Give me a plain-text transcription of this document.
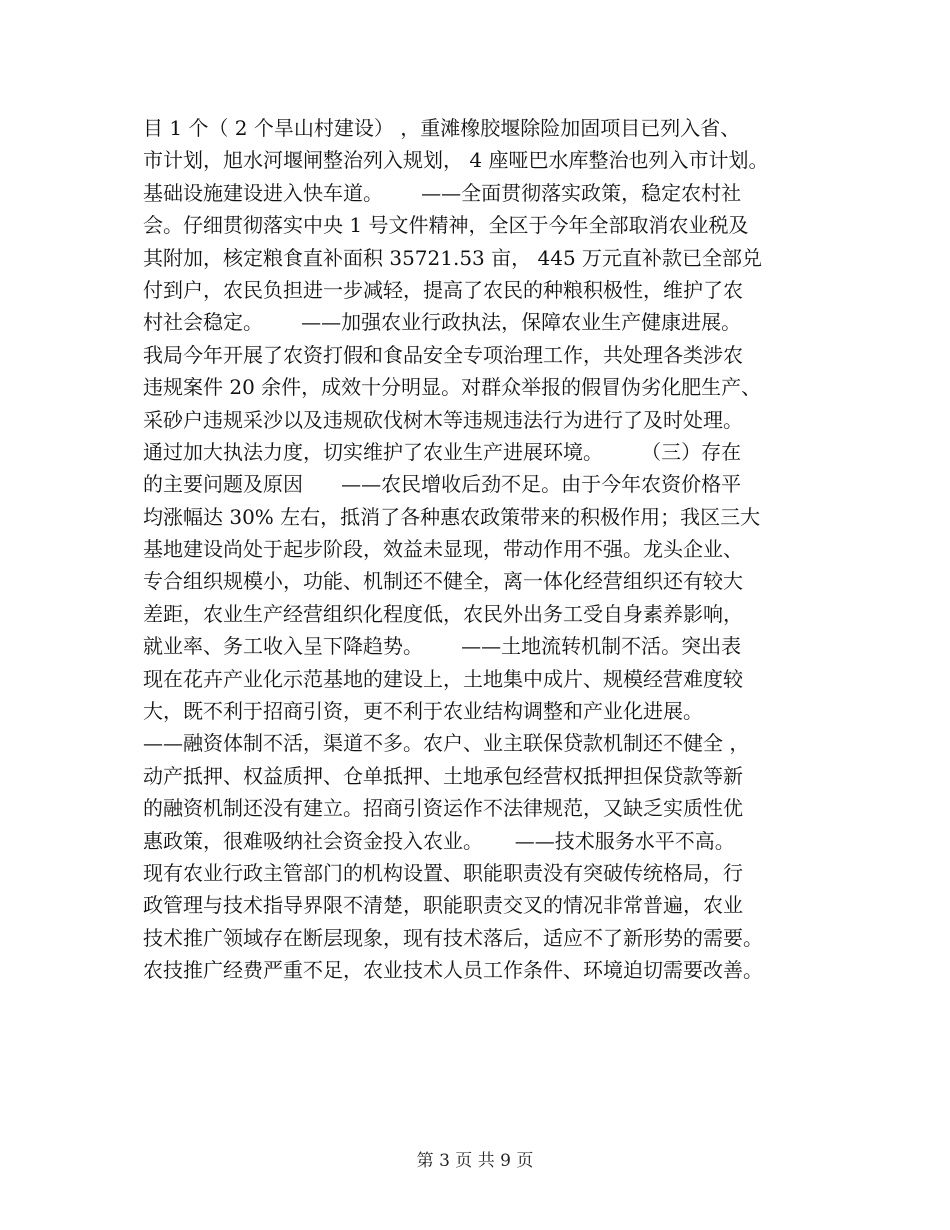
目 1 个（ 2 个旱山村建设） ，重滩橡胶堰除险加固项目已列入省、
市计划，旭水河堰闸整治列入规划， 4 座哑巴水库整治也列入市计划。
基础设施建设进入快车道。      ——全面贯彻落实政策，稳定农村社
会。仔细贯彻落实中央 1 号文件精神，全区于今年全部取消农业税及
其附加，核定粮食直补面积 35721.53 亩， 445 万元直补款已全部兑
付到户，农民负担进一步减轻，提高了农民的种粮积极性，维护了农
村社会稳定。      ——加强农业行政执法，保障农业生产健康进展。
我局今年开展了农资打假和食品安全专项治理工作，共处理各类涉农
违规案件 20 余件，成效十分明显。对群众举报的假冒伪劣化肥生产、
采砂户违规采沙以及违规砍伐树木等违规违法行为进行了及时处理。
通过加大执法力度，切实维护了农业生产进展环境。      （三）存在
的主要问题及原因      ——农民增收后劲不足。由于今年农资价格平
均涨幅达 30% 左右，抵消了各种惠农政策带来的积极作用；我区三大
基地建设尚处于起步阶段，效益未显现，带动作用不强。龙头企业、
专合组织规模小，功能、机制还不健全，离一体化经营组织还有较大
差距，农业生产经营组织化程度低，农民外出务工受自身素养影响，
就业率、务工收入呈下降趋势。      ——土地流转机制不活。突出表
现在花卉产业化示范基地的建设上，土地集中成片、规模经营难度较
大，既不利于招商引资，更不利于农业结构调整和产业化进展。
——融资体制不活，渠道不多。农户、业主联保贷款机制还不健全 ，
动产抵押、权益质押、仓单抵押、土地承包经营权抵押担保贷款等新
的融资机制还没有建立。招商引资运作不法律规范，又缺乏实质性优
惠政策，很难吸纳社会资金投入农业。     ——技术服务水平不高。
现有农业行政主管部门的机构设置、职能职责没有突破传统格局，行
政管理与技术指导界限不清楚，职能职责交叉的情况非常普遍，农业
技术推广领域存在断层现象，现有技术落后，适应不了新形势的需要。
农技推广经费严重不足，农业技术人员工作条件、环境迫切需要改善。
第 3 页 共 9 页
